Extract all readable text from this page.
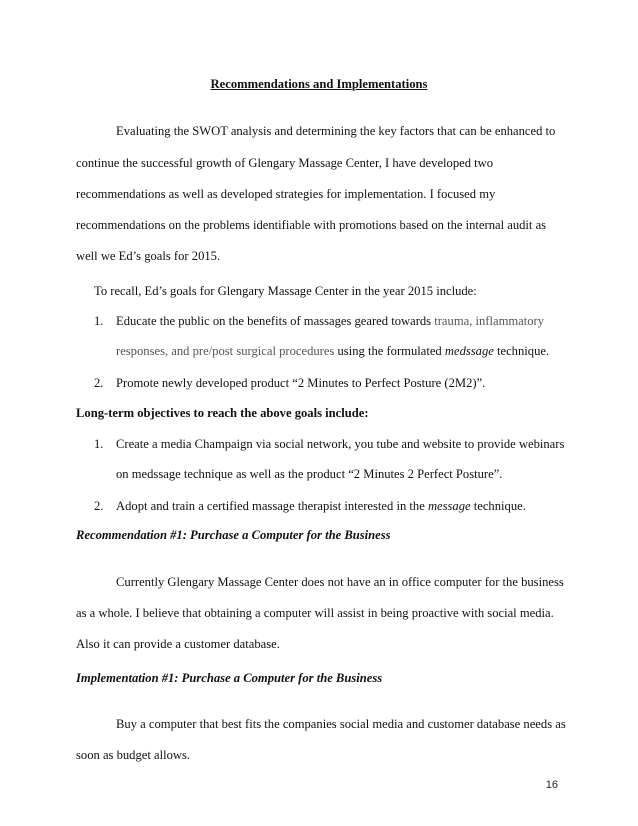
Recommendations and Implementations
Evaluating the SWOT analysis and determining the key factors that can be enhanced to
continue the successful growth of Glengary Massage Center, I have developed two
recommendations as well as developed strategies for implementation. I focused my
recommendations on the problems identifiable with promotions based on the internal audit as
well we Ed’s goals for 2015.
To recall, Ed’s goals for Glengary Massage Center in the year 2015 include:
1. Educate the public on the benefits of massages geared towards trauma, inflammatory
responses, and pre/post surgical procedures using the formulated medssage technique.
2. Promote newly developed product “2 Minutes to Perfect Posture (2M2)”.
Long-term objectives to reach the above goals include:
1. Create a media Champaign via social network, you tube and website to provide webinars
on medssage technique as well as the product “2 Minutes 2 Perfect Posture”.
2. Adopt and train a certified massage therapist interested in the message technique.
Recommendation #1: Purchase a Computer for the Business
Currently Glengary Massage Center does not have an in office computer for the business
as a whole. I believe that obtaining a computer will assist in being proactive with social media.
Also it can provide a customer database.
Implementation #1: Purchase a Computer for the Business
Buy a computer that best fits the companies social media and customer database needs as
soon as budget allows.
16
